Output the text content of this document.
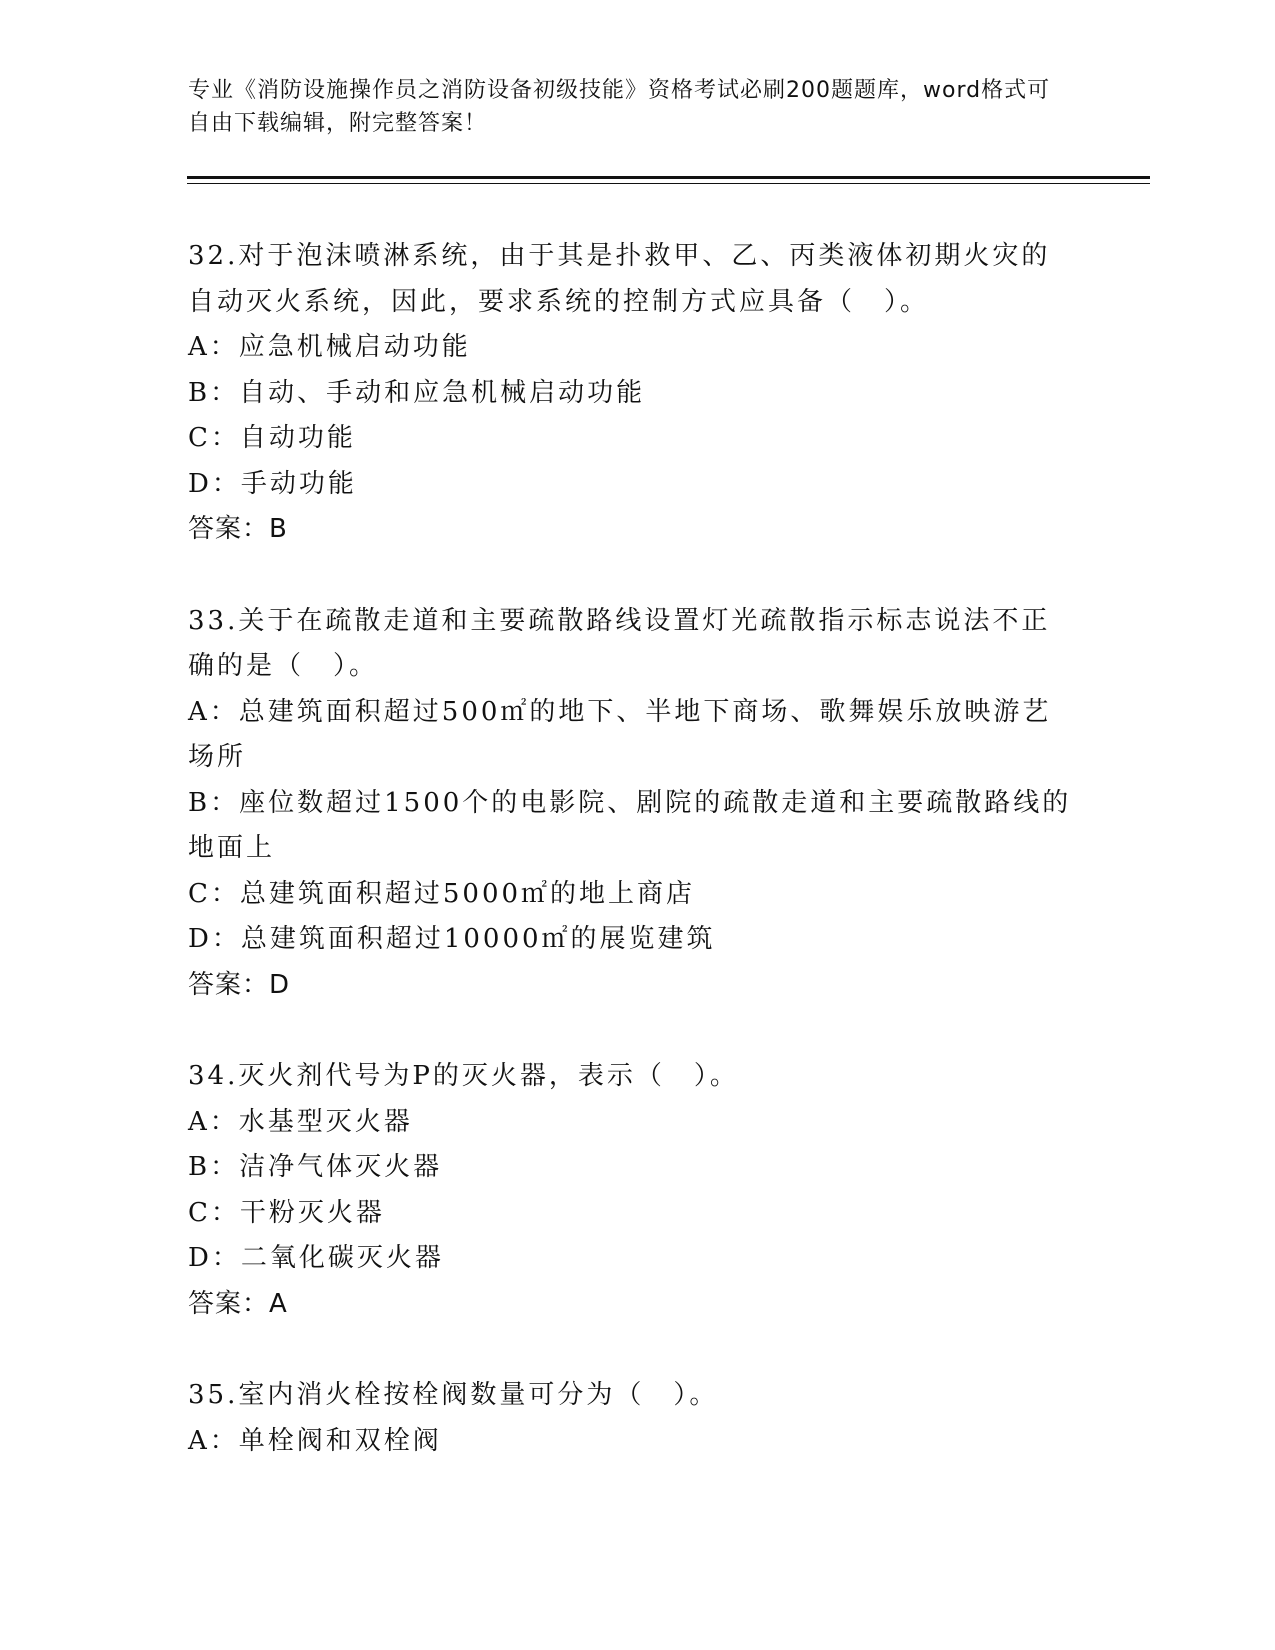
专业《消防设施操作员之消防设备初级技能》资格考试必刷200题题库，word格式可自由下载编辑，附完整答案！
32.对于泡沫喷淋系统，由于其是扑救甲、乙、丙类液体初期火灾的自动灭火系统，因此，要求系统的控制方式应具备（　）。
A：应急机械启动功能
B：自动、手动和应急机械启动功能
C：自动功能
D：手动功能
答案：B
33.关于在疏散走道和主要疏散路线设置灯光疏散指示标志说法不正确的是（　）。
A：总建筑面积超过500㎡的地下、半地下商场、歌舞娱乐放映游艺场所
B：座位数超过1500个的电影院、剧院的疏散走道和主要疏散路线的地面上
C：总建筑面积超过5000㎡的地上商店
D：总建筑面积超过10000㎡的展览建筑
答案：D
34.灭火剂代号为P的灭火器，表示（　）。
A：水基型灭火器
B：洁净气体灭火器
C：干粉灭火器
D：二氧化碳灭火器
答案：A
35.室内消火栓按栓阀数量可分为（　）。
A：单栓阀和双栓阀
